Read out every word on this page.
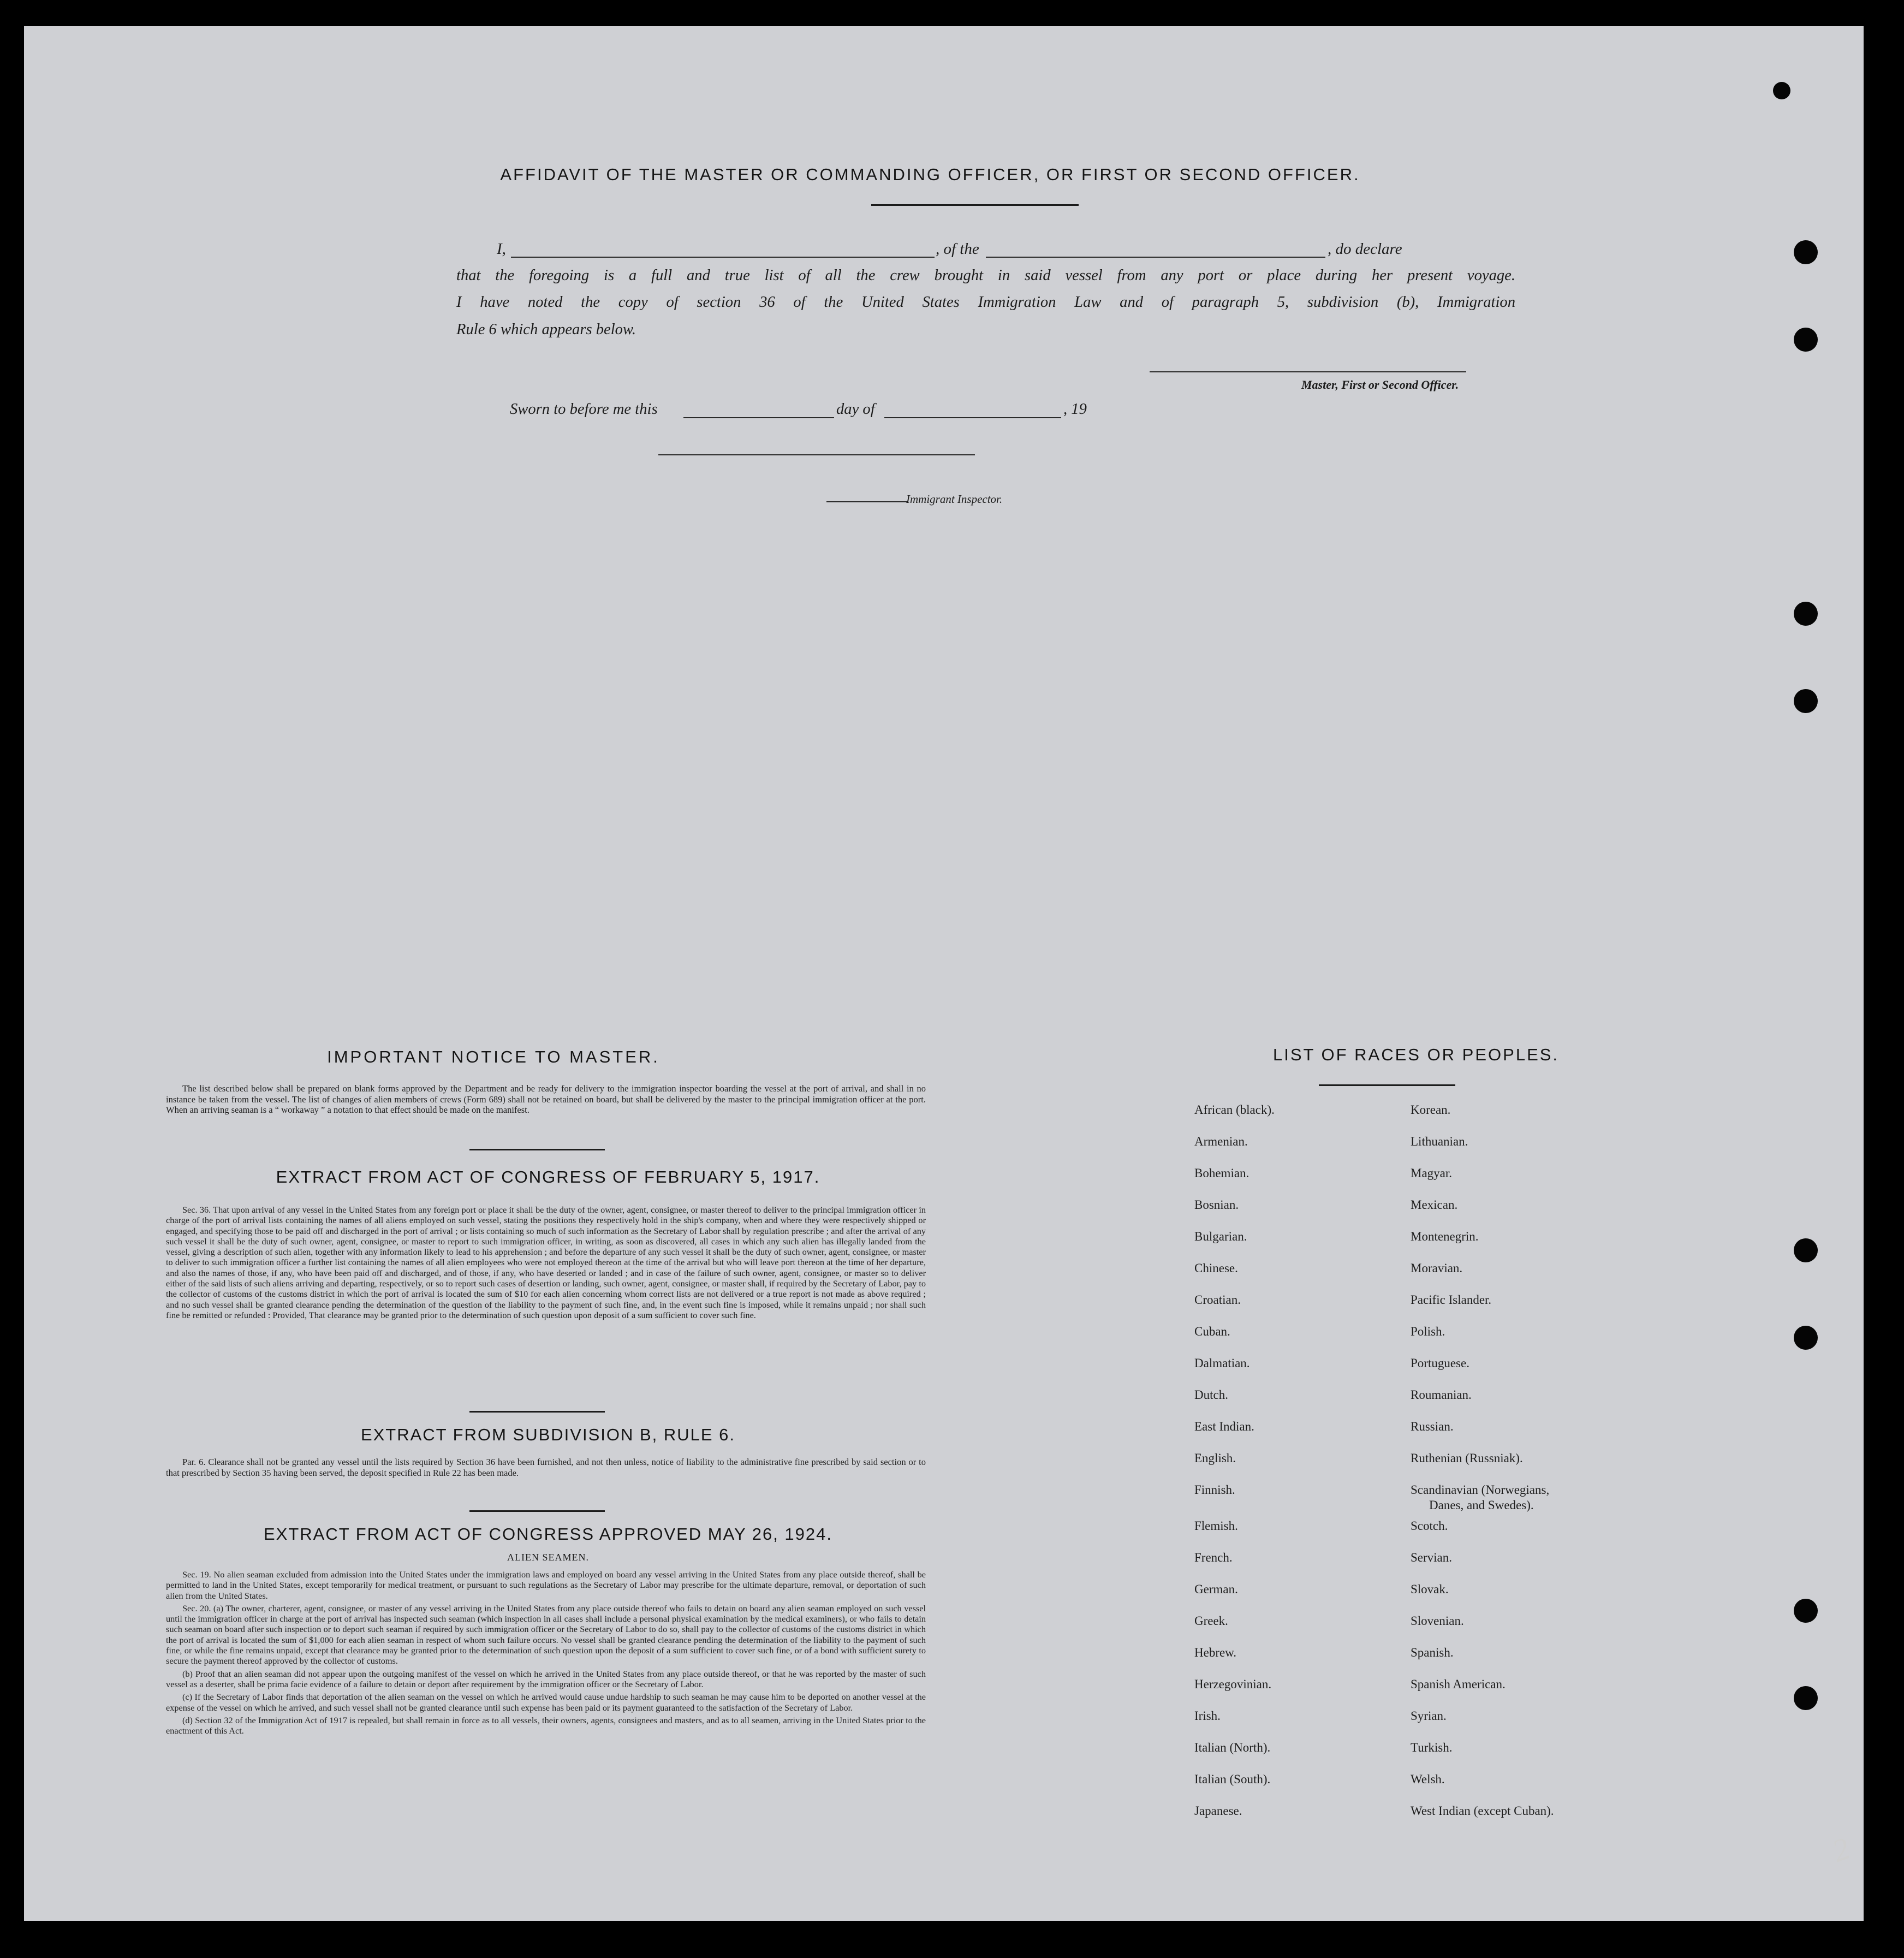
AFFIDAVIT OF THE MASTER OR COMMANDING OFFICER, OR FIRST OR SECOND OFFICER.
I,	, of the	, do declare
that the foregoing is a full and true list of all the crew brought in said vessel from any port or place during her present voyage.
I have noted the copy of section 36 of the United States Immigration Law and of paragraph 5, subdivision (b), Immigration
Rule 6 which appears below.
Master, First or Second Officer.
Sworn to before me this	day of	, 19
Immigrant Inspector.
IMPORTANT NOTICE TO MASTER.
The list described below shall be prepared on blank forms approved by the Department and be ready for delivery to the immigration inspector boarding the vessel at the port of arrival, and shall in no instance be taken from the vessel. The list of changes of alien members of crews (Form 689) shall not be retained on board, but shall be delivered by the master to the principal immigration officer at the port. When an arriving seaman is a “ workaway ” a notation to that effect should be made on the manifest.
EXTRACT FROM ACT OF CONGRESS OF FEBRUARY 5, 1917.
Sec. 36. That upon arrival of any vessel in the United States from any foreign port or place it shall be the duty of the owner, agent, consignee, or master thereof to deliver to the principal immigration officer in charge of the port of arrival lists containing the names of all aliens employed on such vessel, stating the positions they respectively hold in the ship's company, when and where they were respectively shipped or engaged, and specifying those to be paid off and discharged in the port of arrival ; or lists containing so much of such information as the Secretary of Labor shall by regulation prescribe ; and after the arrival of any such vessel it shall be the duty of such owner, agent, consignee, or master to report to such immigration officer, in writing, as soon as discovered, all cases in which any such alien has illegally landed from the vessel, giving a description of such alien, together with any information likely to lead to his apprehension ; and before the departure of any such vessel it shall be the duty of such owner, agent, consignee, or master to deliver to such immigration officer a further list containing the names of all alien employees who were not employed thereon at the time of the arrival but who will leave port thereon at the time of her departure, and also the names of those, if any, who have been paid off and discharged, and of those, if any, who have deserted or landed ; and in case of the failure of such owner, agent, consignee, or master so to deliver either of the said lists of such aliens arriving and departing, respectively, or so to report such cases of desertion or landing, such owner, agent, consignee, or master shall, if required by the Secretary of Labor, pay to the collector of customs of the customs district in which the port of arrival is located the sum of $10 for each alien concerning whom correct lists are not delivered or a true report is not made as above required ; and no such vessel shall be granted clearance pending the determination of the question of the liability to the payment of such fine, and, in the event such fine is imposed, while it remains unpaid ; nor shall such fine be remitted or refunded : Provided, That clearance may be granted prior to the determination of such question upon deposit of a sum sufficient to cover such fine.
EXTRACT FROM SUBDIVISION B, RULE 6.
Par. 6. Clearance shall not be granted any vessel until the lists required by Section 36 have been furnished, and not then unless, notice of liability to the administrative fine prescribed by said section or to that prescribed by Section 35 having been served, the deposit specified in Rule 22 has been made.
EXTRACT FROM ACT OF CONGRESS APPROVED MAY 26, 1924.
ALIEN SEAMEN.
Sec. 19. No alien seaman excluded from admission into the United States under the immigration laws and employed on board any vessel arriving in the United States from any place outside thereof, shall be permitted to land in the United States, except temporarily for medical treatment, or pursuant to such regulations as the Secretary of Labor may prescribe for the ultimate departure, removal, or deportation of such alien from the United States.
Sec. 20. (a) The owner, charterer, agent, consignee, or master of any vessel arriving in the United States from any place outside thereof who fails to detain on board any alien seaman employed on such vessel until the immigration officer in charge at the port of arrival has inspected such seaman (which inspection in all cases shall include a personal physical examination by the medical examiners), or who fails to detain such seaman on board after such inspection or to deport such seaman if required by such immigration officer or the Secretary of Labor to do so, shall pay to the collector of customs of the customs district in which the port of arrival is located the sum of $1,000 for each alien seaman in respect of whom such failure occurs. No vessel shall be granted clearance pending the determination of the liability to the payment of such fine, or while the fine remains unpaid, except that clearance may be granted prior to the determination of such question upon the deposit of a sum sufficient to cover such fine, or of a bond with sufficient surety to secure the payment thereof approved by the collector of customs.
(b) Proof that an alien seaman did not appear upon the outgoing manifest of the vessel on which he arrived in the United States from any place outside thereof, or that he was reported by the master of such vessel as a deserter, shall be prima facie evidence of a failure to detain or deport after requirement by the immigration officer or the Secretary of Labor.
(c) If the Secretary of Labor finds that deportation of the alien seaman on the vessel on which he arrived would cause undue hardship to such seaman he may cause him to be deported on another vessel at the expense of the vessel on which he arrived, and such vessel shall not be granted clearance until such expense has been paid or its payment guaranteed to the satisfaction of the Secretary of Labor.
(d) Section 32 of the Immigration Act of 1917 is repealed, but shall remain in force as to all vessels, their owners, agents, consignees and masters, and as to all seamen, arriving in the United States prior to the enactment of this Act.
LIST OF RACES OR PEOPLES.
African (black).
Armenian.
Bohemian.
Bosnian.
Bulgarian.
Chinese.
Croatian.
Cuban.
Dalmatian.
Dutch.
East Indian.
English.
Finnish.
Flemish.
French.
German.
Greek.
Hebrew.
Herzegovinian.
Irish.
Italian (North).
Italian (South).
Japanese.
Korean.
Lithuanian.
Magyar.
Mexican.
Montenegrin.
Moravian.
Pacific Islander.
Polish.
Portuguese.
Roumanian.
Russian.
Ruthenian (Russniak).
Scandinavian (Norwegians,
Danes, and Swedes).
Scotch.
Servian.
Slovak.
Slovenian.
Spanish.
Spanish American.
Syrian.
Turkish.
Welsh.
West Indian (except Cuban).
2
